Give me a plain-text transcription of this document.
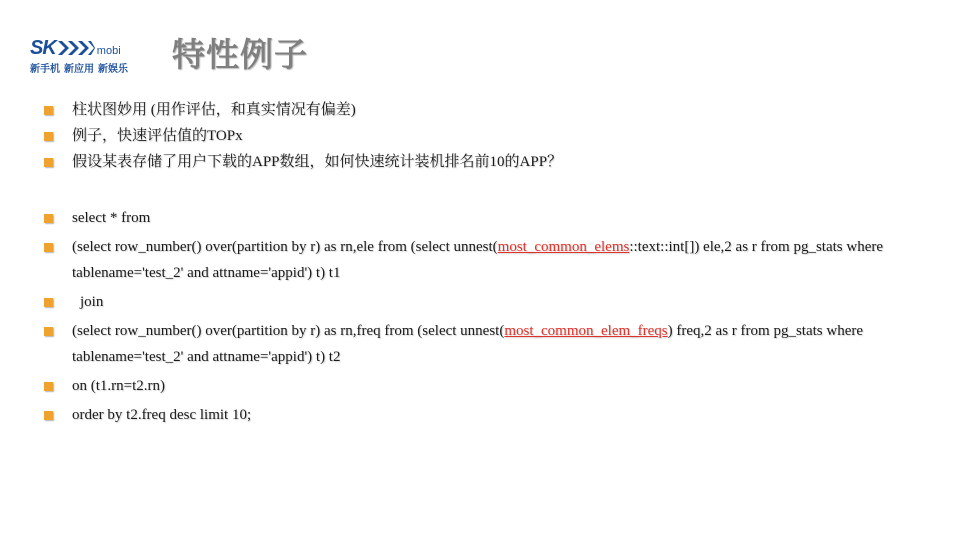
SK	mobi
新手机 新应用 新娱乐 特性例子
柱状图妙用 (用作评估，和真实情况有偏差)
例子，快速评估值的TOPx
假设某表存储了用户下载的APP数组，如何快速统计装机排名前10的APP？
select * from
(select row_number() over(partition by r) as rn,ele from (select unnest(most_common_elems::text::int[]) ele,2 as r from pg_stats where tablename='test_2' and attname='appid') t) t1
join
(select row_number() over(partition by r) as rn,freq from (select unnest(most_common_elem_freqs) freq,2 as r from pg_stats where tablename='test_2' and attname='appid') t) t2
on (t1.rn=t2.rn)
order by t2.freq desc limit 10;
